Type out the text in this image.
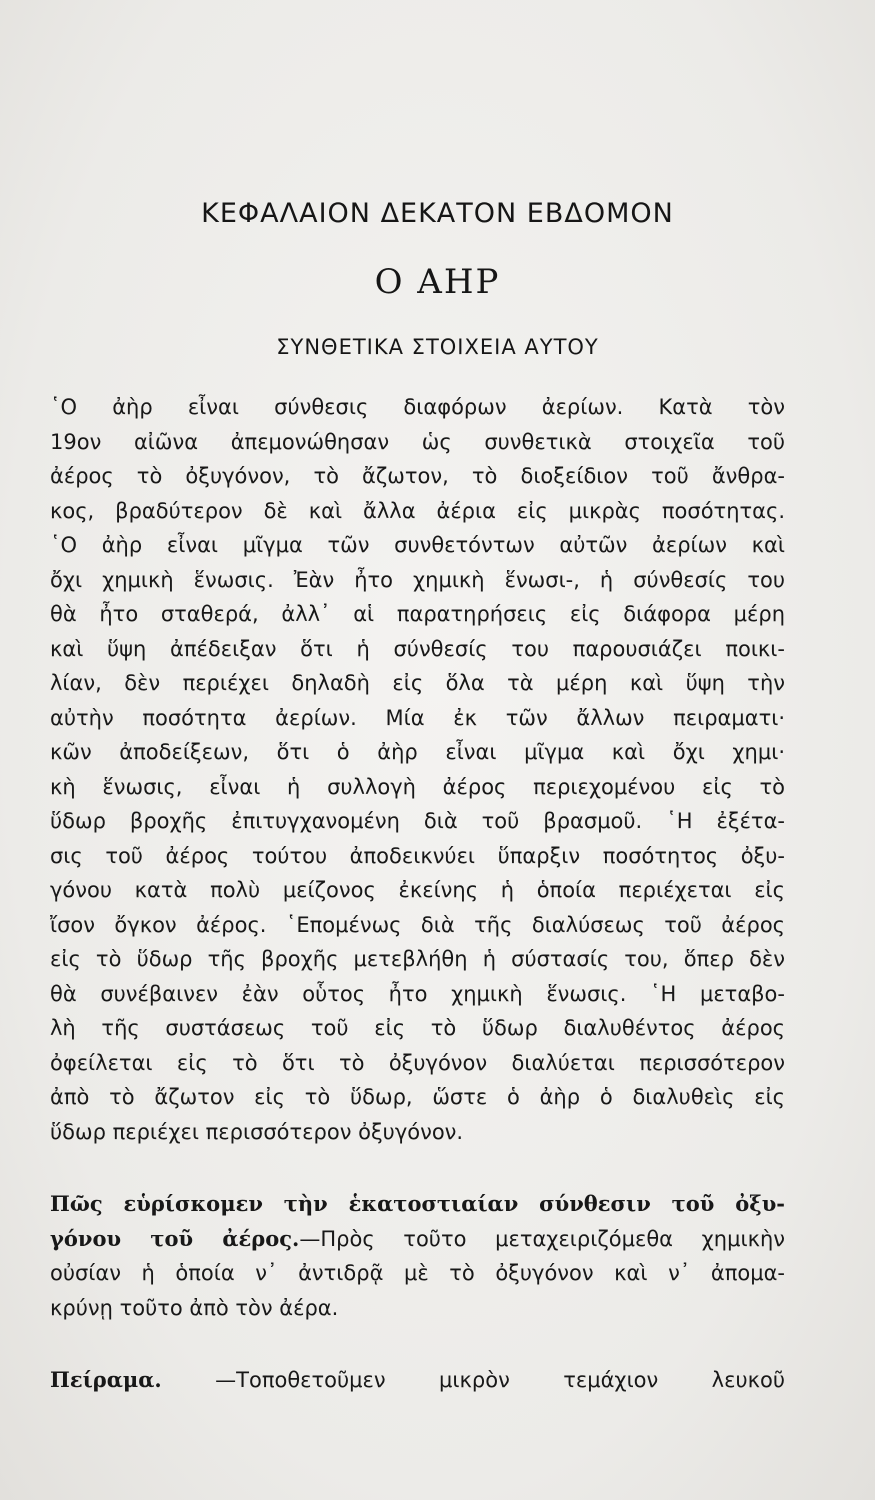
ΚΕΦΑΛΑΙΟΝ ΔΕΚΑΤΟΝ ΕΒΔΟΜΟΝ
Ο ΑΗΡ
ΣΥΝΘΕΤΙΚΑ ΣΤΟΙΧΕΙΑ ΑΥΤΟΥ
῾Ο ἀὴρ εἶναι σύνθεσις διαφόρων ἀερίων. Κατὰ τὸν
19ον αἰῶνα ἀπεμονώθησαν ὡς συνθετικὰ στοιχεῖα τοῦ
ἀέρος τὸ ὀξυγόνον, τὸ ἄζωτον, τὸ διοξείδιον τοῦ ἄνθρα-
κος, βραδύτερον δὲ καὶ ἄλλα ἀέρια εἰς μικρὰς ποσότητας.
῾Ο ἀὴρ εἶναι μῖγμα τῶν συνθετόντων αὐτῶν ἀερίων καὶ
ὄχι χημικὴ ἕνωσις. Ἐὰν ἦτο χημικὴ ἕνωσι-, ἡ σύνθεσίς του
θὰ ἦτο σταθερά, ἀλλ᾽ αἱ παρατηρήσεις εἰς διάφορα μέρη
καὶ ὕψη ἀπέδειξαν ὅτι ἡ σύνθεσίς του παρουσιάζει ποικι-
λίαν, δὲν περιέχει δηλαδὴ εἰς ὅλα τὰ μέρη καὶ ὕψη τὴν
αὐτὴν ποσότητα ἀερίων. Μία ἐκ τῶν ἄλλων πειραματι·
κῶν ἀποδείξεων, ὅτι ὁ ἀὴρ εἶναι μῖγμα καὶ ὄχι χημι·
κὴ ἕνωσις, εἶναι ἡ συλλογὴ ἀέρος περιεχομένου εἰς τὸ
ὕδωρ βροχῆς ἐπιτυγχανομένη διὰ τοῦ βρασμοῦ. ῾Η ἐξέτα-
σις τοῦ ἀέρος τούτου ἀποδεικνύει ὕπαρξιν ποσότητος ὀξυ-
γόνου κατὰ πολὺ μείζονος ἐκείνης ἡ ὁποία περιέχεται εἰς
ἴσον ὄγκον ἀέρος. ῾Επομένως διὰ τῆς διαλύσεως τοῦ ἀέρος
εἰς τὸ ὕδωρ τῆς βροχῆς μετεβλήθη ἡ σύστασίς του, ὅπερ δὲν
θὰ συνέβαινεν ἐὰν οὗτος ἦτο χημικὴ ἕνωσις. ῾Η μεταβο-
λὴ τῆς συστάσεως τοῦ εἰς τὸ ὕδωρ διαλυθέντος ἀέρος
ὀφείλεται εἰς τὸ ὅτι τὸ ὀξυγόνον διαλύεται περισσότερον
ἀπὸ τὸ ἄζωτον εἰς τὸ ὕδωρ, ὥστε ὁ ἀὴρ ὁ διαλυθεὶς εἰς
ὕδωρ περιέχει περισσότερον ὀξυγόνον.
Πῶς εὑρίσκομεν τὴν ἑκατοστιαίαν σύνθεσιν τοῦ ὀξυ-
γόνου τοῦ ἀέρος.—Πρὸς τοῦτο μεταχειριζόμεθα χημικὴν
οὐσίαν ἡ ὁποία ν᾽ ἀντιδρᾷ μὲ τὸ ὀξυγόνον καὶ ν᾽ ἀπομα-
κρύνῃ τοῦτο ἀπὸ τὸν ἀέρα.
Πείραμα. —Τοποθετοῦμεν μικρὸν τεμάχιον λευκοῦ
